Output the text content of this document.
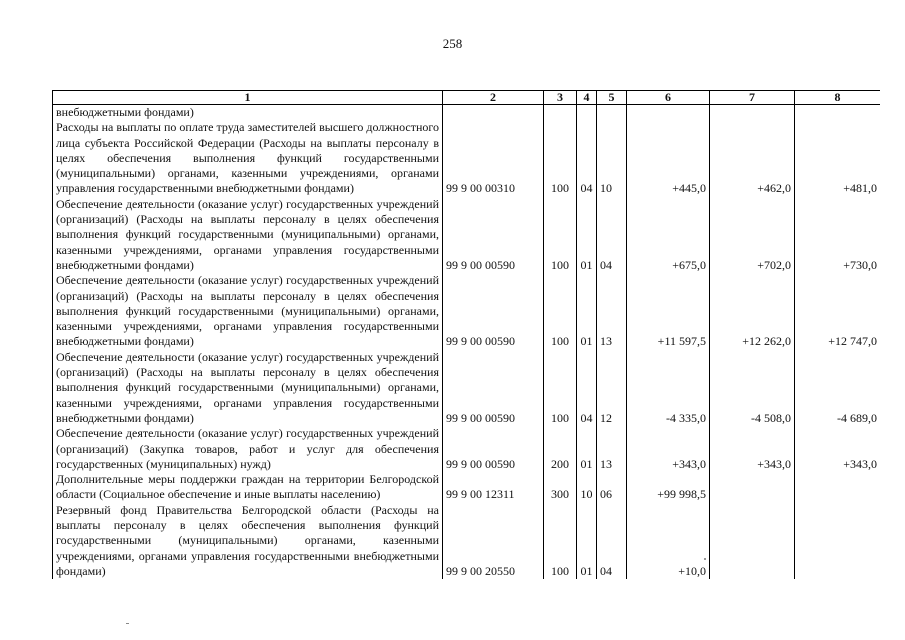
258
1	2	3	4	5	6	7	8
внебюджетными фондами)							
Расходы на выплаты по оплате труда заместителей высшего должностного лица субъекта Российской Федерации (Расходы на выплаты персоналу в целях обеспечения выполнения функций государственными (муниципальными) органами, казенными учреждениями, органами управления государственными внебюджетными фондами)	99 9 00 00310	100	04	10	+445,0	+462,0	+481,0
Обеспечение деятельности (оказание услуг) государственных учреждений (организаций) (Расходы на выплаты персоналу в целях обеспечения выполнения функций государственными (муниципальными) органами, казенными учреждениями, органами управления государственными внебюджетными фондами)	99 9 00 00590	100	01	04	+675,0	+702,0	+730,0
Обеспечение деятельности (оказание услуг) государственных учреждений (организаций) (Расходы на выплаты персоналу в целях обеспечения выполнения функций государственными (муниципальными) органами, казенными учреждениями, органами управления государственными внебюджетными фондами)	99 9 00 00590	100	01	13	+11 597,5	+12 262,0	+12 747,0
Обеспечение деятельности (оказание услуг) государственных учреждений (организаций) (Расходы на выплаты персоналу в целях обеспечения выполнения функций государственными (муниципальными) органами, казенными учреждениями, органами управления государственными внебюджетными фондами)	99 9 00 00590	100	04	12	-4 335,0	-4 508,0	-4 689,0
Обеспечение деятельности (оказание услуг) государственных учреждений (организаций) (Закупка товаров, работ и услуг для обеспечения государственных (муниципальных) нужд)	99 9 00 00590	200	01	13	+343,0	+343,0	+343,0
Дополнительные меры поддержки граждан на территории Белгородской области (Социальное обеспечение и иные выплаты населению)	99 9 00 12311	300	10	06	+99 998,5		
Резервный фонд Правительства Белгородской области (Расходы на выплаты персоналу в целях обеспечения выполнения функций государственными (муниципальными) органами, казенными учреждениями, органами управления государственными внебюджетными фондами)	99 9 00 20550	100	01	04	+10,0		
